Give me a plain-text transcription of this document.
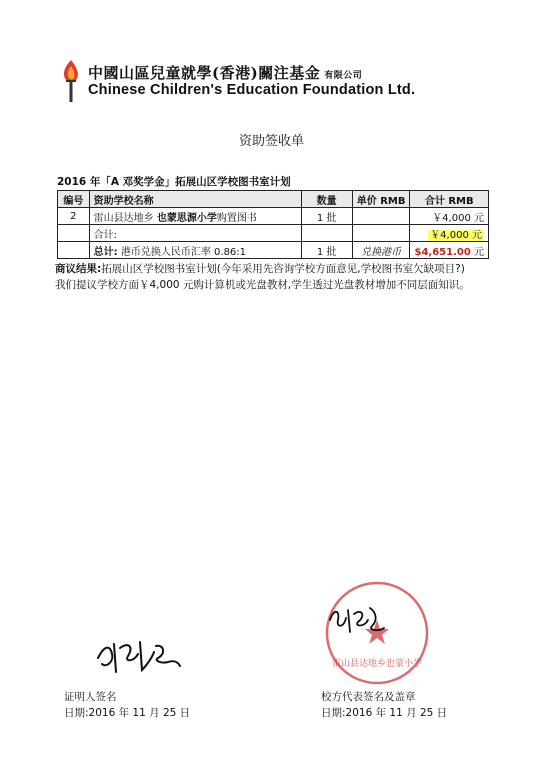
中國山區兒童就學(香港)關注基金 有限公司
Chinese Children's Education Foundation Ltd.
资助签收单
2016 年「A 邓奖学金」拓展山区学校图书室计划
编号	资助学校名称	数量	单价 RMB	合计 RMB
2	雷山县达地乡 也蒙思源小学购置图书	1 批		￥4,000 元
	合计:			￥4,000 元
	总计: 港币兑换人民币汇率 0.86:1	1 批	兑换港币	$4,651.00 元
商议结果:拓展山区学校图书室计划(今年采用先咨询学校方面意见,学校图书室欠缺项目?)
我们提议学校方面￥4,000 元购计算机或光盘教材,学生透过光盘教材增加不同层面知识。
雷山县达地乡也蒙小学
证明人签名
日期:2016 年 11 月 25 日
校方代表签名及盖章
日期:2016 年 11 月 25 日
